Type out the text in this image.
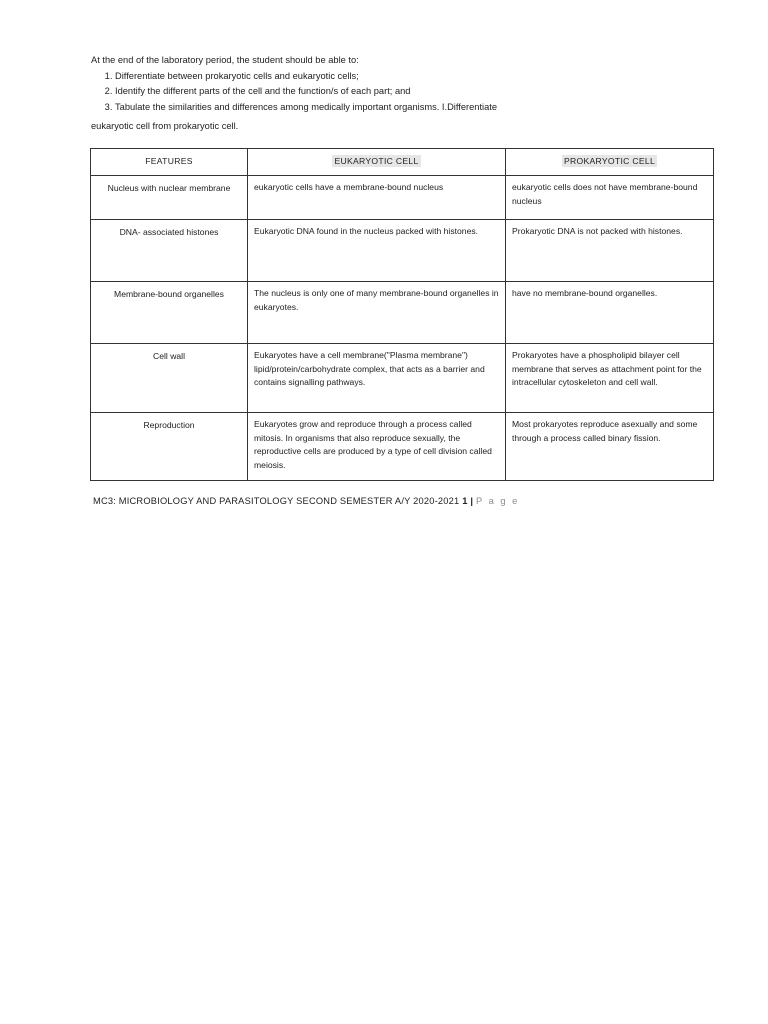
At the end of the laboratory period, the student should be able to:
1. Differentiate between prokaryotic cells and eukaryotic cells;
2. Identify the different parts of the cell and the function/s of each part; and
3. Tabulate the similarities and differences among medically important organisms. I.Differentiate
eukaryotic cell from prokaryotic cell.
FEATURES	EUKARYOTIC CELL	PROKARYOTIC CELL
Nucleus with nuclear membrane	eukaryotic cells have a membrane-bound nucleus	eukaryotic cells does not have membrane-bound nucleus
DNA- associated histones	Eukaryotic DNA found in the nucleus packed with histones.	Prokaryotic DNA is not packed with histones.
Membrane-bound organelles	The nucleus is only one of many membrane-bound organelles in eukaryotes.	have no membrane-bound organelles.
Cell wall	Eukaryotes have a cell membrane("Plasma membrane") lipid/protein/carbohydrate complex, that acts as a barrier and contains signalling pathways.	Prokaryotes have a phospholipid bilayer cell membrane that serves as attachment point for the intracellular cytoskeleton and cell wall.
Reproduction	Eukaryotes grow and reproduce through a process called mitosis. In organisms that also reproduce sexually, the reproductive cells are produced by a type of cell division called meiosis.	Most prokaryotes reproduce asexually and some through a process called binary fission.
MC3: MICROBIOLOGY AND PARASITOLOGY SECOND SEMESTER A/Y 2020-2021 1 | P a g e
